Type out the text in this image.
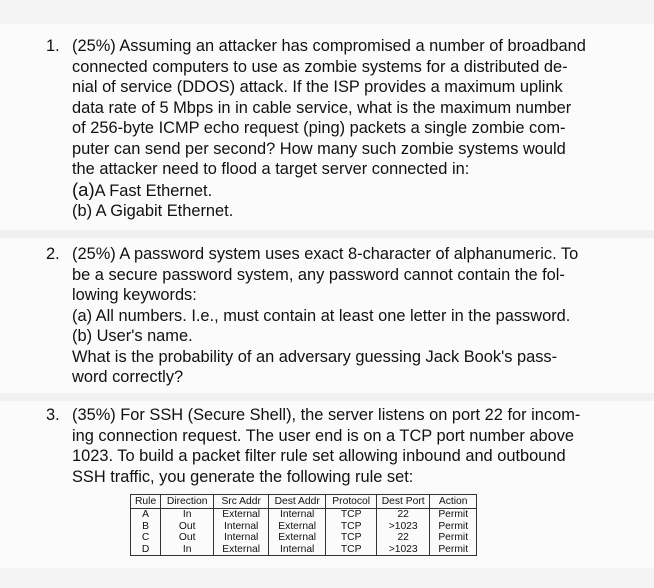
1. (25%) Assuming an attacker has compromised a number of broadband
connected computers to use as zombie systems for a distributed de-
nial of service (DDOS) attack. If the ISP provides a maximum uplink
data rate of 5 Mbps in in cable service, what is the maximum number
of 256-byte ICMP echo request (ping) packets a single zombie com-
puter can send per second? How many such zombie systems would
the attacker need to flood a target server connected in:
(a)A Fast Ethernet.
(b) A Gigabit Ethernet.
2. (25%) A password system uses exact 8-character of alphanumeric. To
be a secure password system, any password cannot contain the fol-
lowing keywords:
(a) All numbers. I.e., must contain at least one letter in the password.
(b) User's name.
What is the probability of an adversary guessing Jack Book's pass-
word correctly?
3. (35%) For SSH (Secure Shell), the server listens on port 22 for incom-
ing connection request. The user end is on a TCP port number above
1023. To build a packet filter rule set allowing inbound and outbound
SSH traffic, you generate the following rule set:
Rule	Direction	Src Addr	Dest Addr	Protocol	Dest Port	Action
A	In	External	Internal	TCP	22	Permit
B	Out	Internal	External	TCP	>1023	Permit
C	Out	Internal	External	TCP	22	Permit
D	In	External	Internal	TCP	>1023	Permit
